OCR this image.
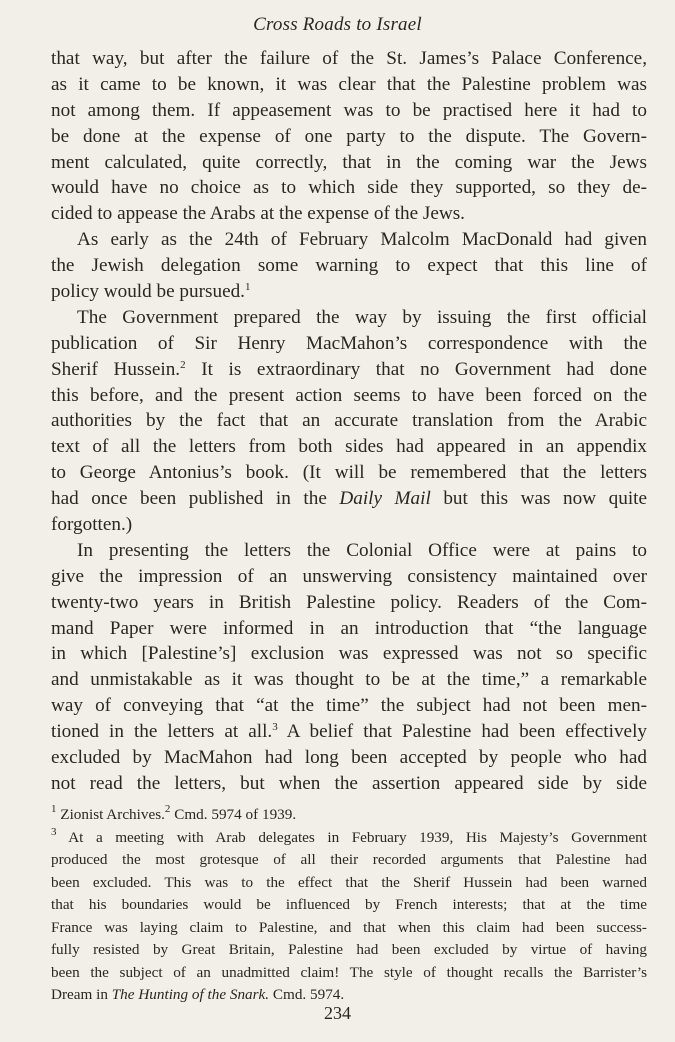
Cross Roads to Israel
that way, but after the failure of the St. James’s Palace Conference,
as it came to be known, it was clear that the Palestine problem was
not among them. If appeasement was to be practised here it had to
be done at the expense of one party to the dispute. The Govern-
ment calculated, quite correctly, that in the coming war the Jews
would have no choice as to which side they supported, so they de-
cided to appease the Arabs at the expense of the Jews.
As early as the 24th of February Malcolm MacDonald had given
the Jewish delegation some warning to expect that this line of
policy would be pursued.$^1$
The Government prepared the way by issuing the first official
publication of Sir Henry MacMahon’s correspondence with the
Sherif Hussein.$^2$ It is extraordinary that no Government had done
this before, and the present action seems to have been forced on the
authorities by the fact that an accurate translation from the Arabic
text of all the letters from both sides had appeared in an appendix
to George Antonius’s book. (It will be remembered that the letters
had once been published in the Daily Mail but this was now quite
forgotten.)
In presenting the letters the Colonial Office were at pains to
give the impression of an unswerving consistency maintained over
twenty-two years in British Palestine policy. Readers of the Com-
mand Paper were informed in an introduction that “the language
in which [Palestine’s] exclusion was expressed was not so specific
and unmistakable as it was thought to be at the time,” a remarkable
way of conveying that “at the time” the subject had not been men-
tioned in the letters at all.$^3$ A belief that Palestine had been effectively
excluded by MacMahon had long been accepted by people who had
not read the letters, but when the assertion appeared side by side
$^1$ Zionist Archives.$^2$ Cmd. 5974 of 1939.
$^3$ At a meeting with Arab delegates in February 1939, His Majesty’s Government
produced the most grotesque of all their recorded arguments that Palestine had
been excluded. This was to the effect that the Sherif Hussein had been warned
that his boundaries would be influenced by French interests; that at the time
France was laying claim to Palestine, and that when this claim had been success-
fully resisted by Great Britain, Palestine had been excluded by virtue of having
been the subject of an unadmitted claim! The style of thought recalls the Barrister’s
Dream in The Hunting of the Snark. Cmd. 5974.
234
